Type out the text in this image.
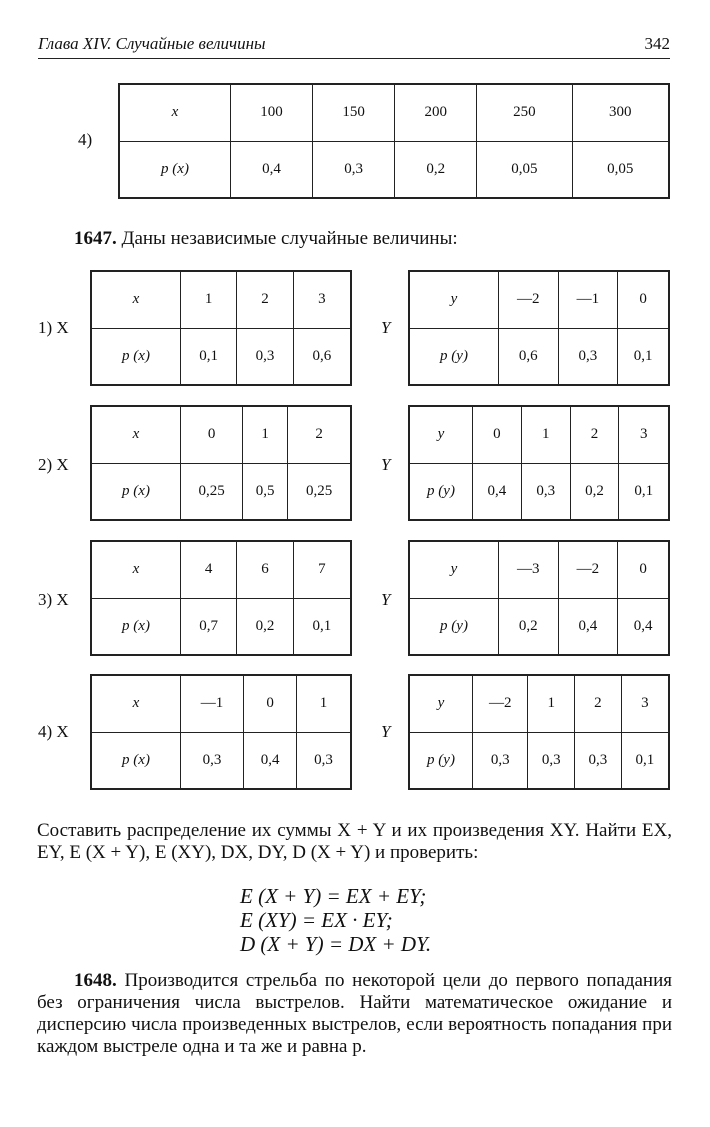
Глава XIV. Случайные величины	342
4)
x	100	150	200	250	300
p (x)	0,4	0,3	0,2	0,05	0,05
1647. Даны независимые случайные величины:
1) X
x	1	2	3
p (x)	0,1	0,3	0,6
Y
y	—2	—1	0
p (y)	0,6	0,3	0,1
2) X
x	0	1	2
p (x)	0,25	0,5	0,25
Y
y	0	1	2	3
p (y)	0,4	0,3	0,2	0,1
3) X
x	4	6	7
p (x)	0,7	0,2	0,1
Y
y	—3	—2	0
p (y)	0,2	0,4	0,4
4) X
x	—1	0	1
p (x)	0,3	0,4	0,3
Y
y	—2	1	2	3
p (y)	0,3	0,3	0,3	0,1
Составить распределение их суммы X + Y и их произведения XY. Найти EX, EY, E (X + Y), E (XY), DX, DY, D (X + Y) и проверить:
E (X + Y) = EX + EY;
E (XY) = EX · EY;
D (X + Y) = DX + DY.
1648. Производится стрельба по некоторой цели до первого попадания без ограничения числа выстрелов. Найти математическое ожидание и дисперсию числа произведенных выстрелов, если вероятность попадания при каждом выстреле одна и та же и равна p.
